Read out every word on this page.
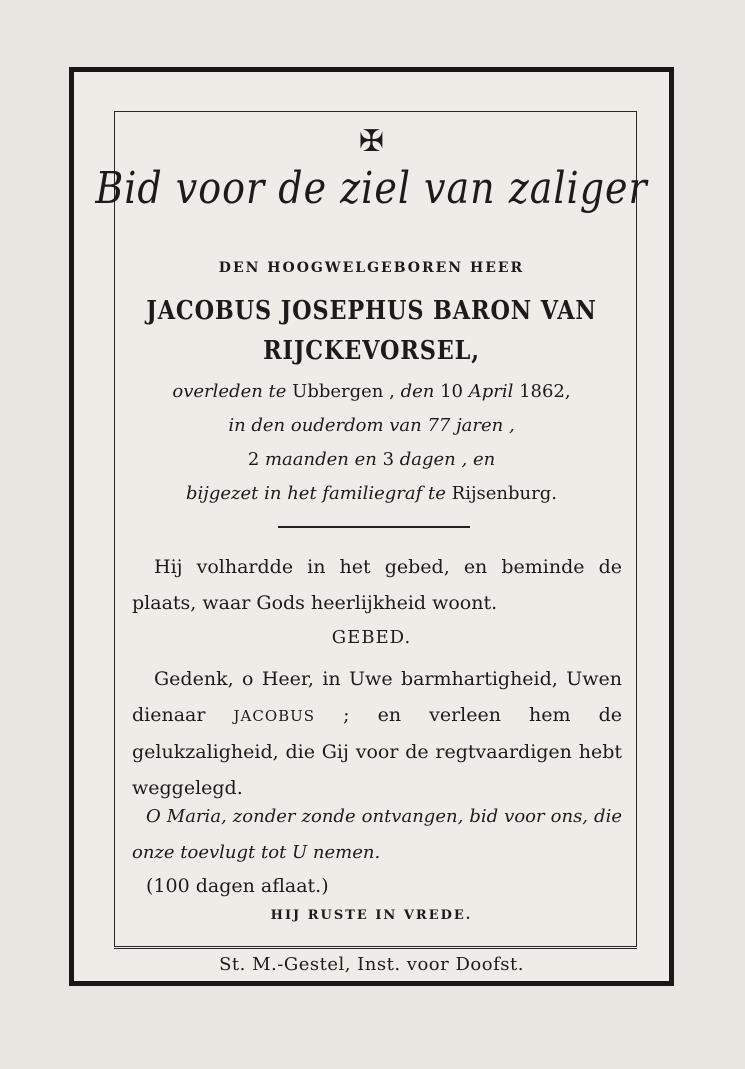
✠
Bid voor de ziel van zaliger
DEN HOOGWELGEBOREN HEER
JACOBUS JOSEPHUS BARON VAN
RIJCKEVORSEL,
overleden te Ubbergen , den 10 April 1862,
in den ouderdom van 77 jaren ,
2 maanden en 3 dagen , en
bijgezet in het familiegraf te Rijsenburg.
Hij volhardde in het gebed, en beminde de plaats, waar Gods heerlijkheid woont.
GEBED.
Gedenk, o Heer, in Uwe barmhartigheid, Uwen dienaar JACOBUS ; en verleen hem de gelukzaligheid, die Gij voor de regtvaardigen hebt weggelegd.
O Maria, zonder zonde ontvangen, bid voor ons, die onze toevlugt tot U nemen.
(100 dagen aflaat.)
HIJ RUSTE IN VREDE.
St. M.-Gestel, Inst. voor Doofst.
